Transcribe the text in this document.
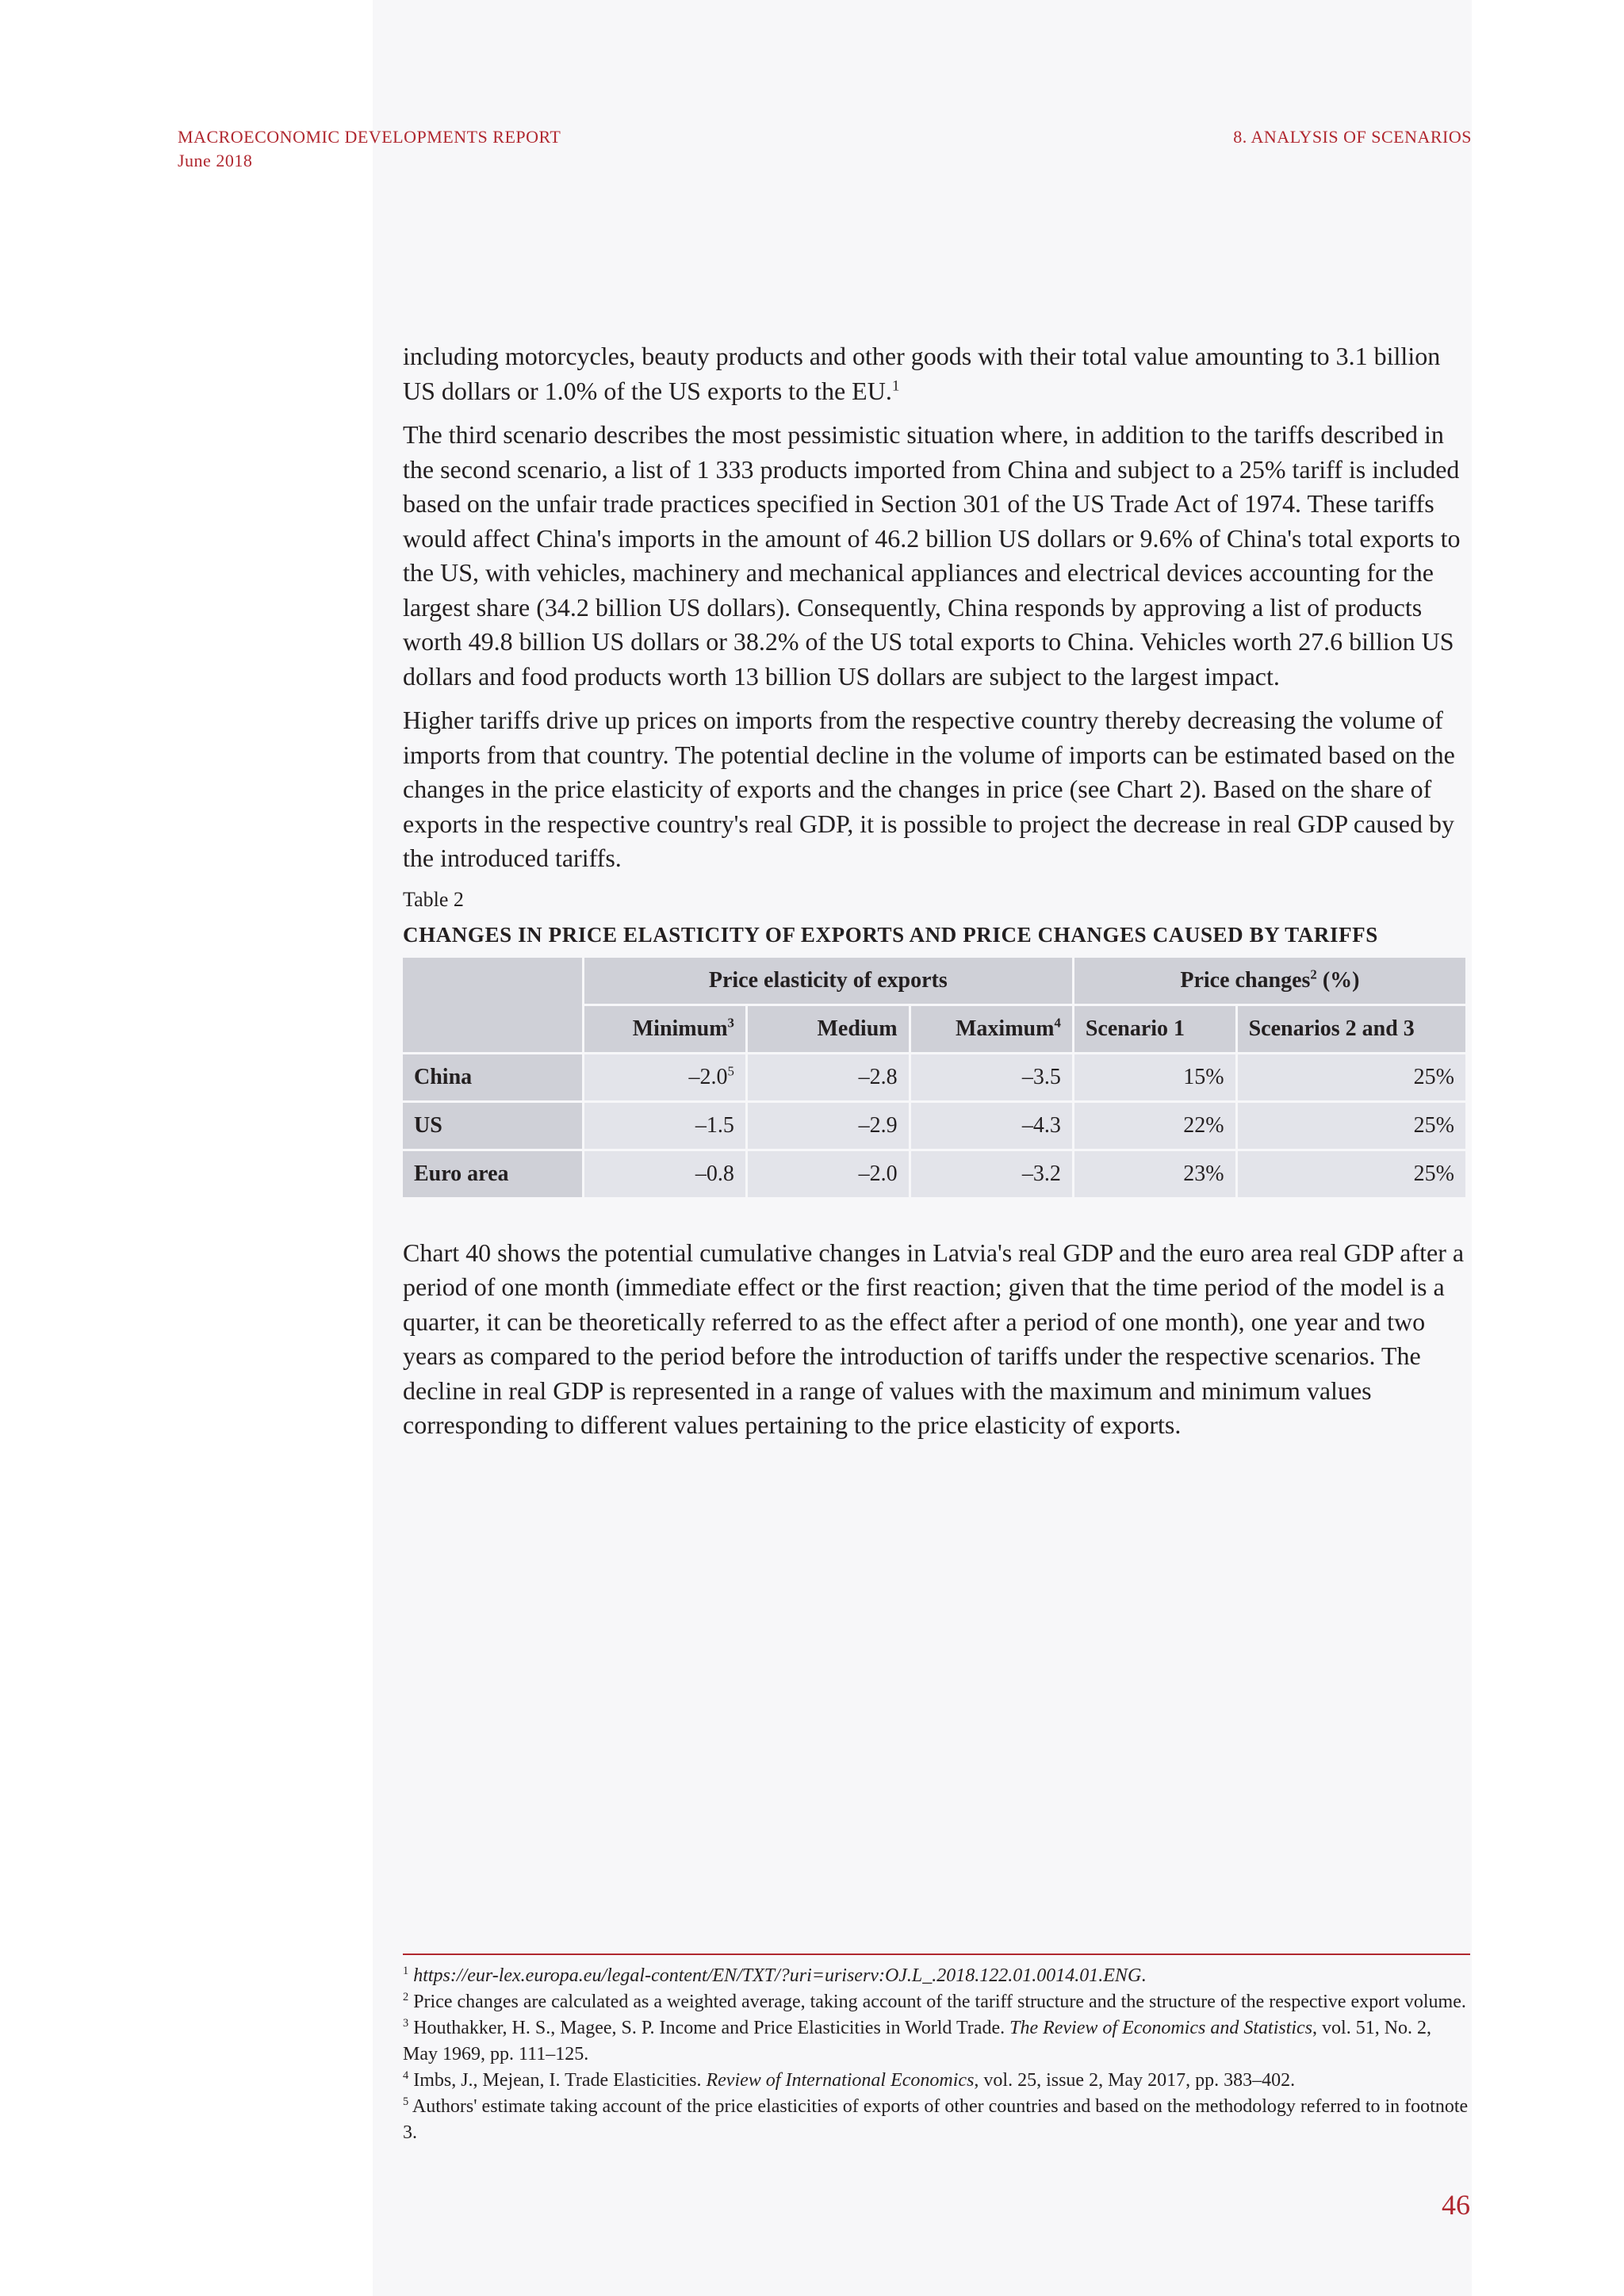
MACROECONOMIC DEVELOPMENTS REPORT
June 2018
8. ANALYSIS OF SCENARIOS

including motorcycles, beauty products and other goods with their total value amounting to 3.1 billion US dollars or 1.0% of the US exports to the EU.$^1$

The third scenario describes the most pessimistic situation where, in addition to the tariffs described in the second scenario, a list of 1 333 products imported from China and subject to a 25% tariff is included based on the unfair trade practices specified in Section 301 of the US Trade Act of 1974. These tariffs would affect China's imports in the amount of 46.2 billion US dollars or 9.6% of China's total exports to the US, with vehicles, machinery and mechanical appliances and electrical devices accounting for the largest share (34.2 billion US dollars). Consequently, China responds by approving a list of products worth 49.8 billion US dollars or 38.2% of the US total exports to China. Vehicles worth 27.6 billion US dollars and food products worth 13 billion US dollars are subject to the largest impact.

Higher tariffs drive up prices on imports from the respective country thereby decreasing the volume of imports from that country. The potential decline in the volume of imports can be estimated based on the changes in the price elasticity of exports and the changes in price (see Chart 2). Based on the share of exports in the respective country's real GDP, it is possible to project the decrease in real GDP caused by the introduced tariffs.

Table 2
CHANGES IN PRICE ELASTICITY OF EXPORTS AND PRICE CHANGES CAUSED BY TARIFFS
	Price elasticity of exports			Price changes$^2$ (%)	
	Minimum$^3$	Medium	Maximum$^4$	Scenario 1	Scenarios 2 and 3
China	$-2.0^5$	–2.8	–3.5	15%	25%
US	–1.5	–2.9	–4.3	22%	25%
Euro area	–0.8	–2.0	–3.2	23%	25%

Chart 40 shows the potential cumulative changes in Latvia's real GDP and the euro area real GDP after a period of one month (immediate effect or the first reaction; given that the time period of the model is a quarter, it can be theoretically referred to as the effect after a period of one month), one year and two years as compared to the period before the introduction of tariffs under the respective scenarios. The decline in real GDP is represented in a range of values with the maximum and minimum values corresponding to different values pertaining to the price elasticity of exports.

$^1$ https://eur-lex.europa.eu/legal-content/EN/TXT/?uri=uriserv:OJ.L_.2018.122.01.0014.01.ENG.

$^2$ Price changes are calculated as a weighted average, taking account of the tariff structure and the structure of the respective export volume.

$^3$ Houthakker, H. S., Magee, S. P. Income and Price Elasticities in World Trade. The Review of Economics and Statistics, vol. 51, No. 2, May 1969, pp. 111–125.

$^4$ Imbs, J., Mejean, I. Trade Elasticities. Review of International Economics, vol. 25, issue 2, May 2017, pp. 383–402.

$^5$ Authors' estimate taking account of the price elasticities of exports of other countries and based on the methodology referred to in footnote 3.

46
